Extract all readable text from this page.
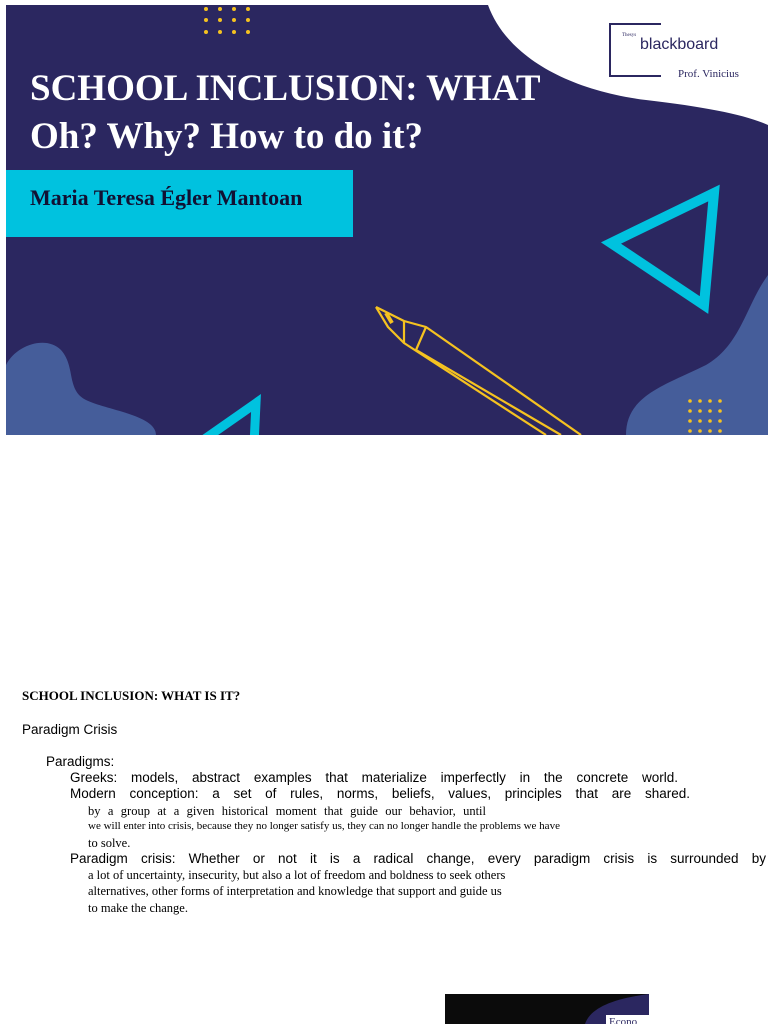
SCHOOL INCLUSION: WHAT
Oh? Why? How to do it?

Maria Teresa Égler Mantoan
Thesys
blackboard
Prof. Vinicius
SCHOOL INCLUSION: WHAT IS IT?
Paradigm Crisis
Paradigms:
Greeks: models, abstract examples that materialize imperfectly in the concrete world.
Modern conception: a set of rules, norms, beliefs, values, principles that are shared.
by a group at a given historical moment that guide our behavior, until
we will enter into crisis, because they no longer satisfy us, they can no longer handle the problems we have
to solve.
Paradigm crisis: Whether or not it is a radical change, every paradigm crisis is surrounded by
a lot of uncertainty, insecurity, but also a lot of freedom and boldness to seek others
alternatives, other forms of interpretation and knowledge that support and guide us
to make the change.
Econo
